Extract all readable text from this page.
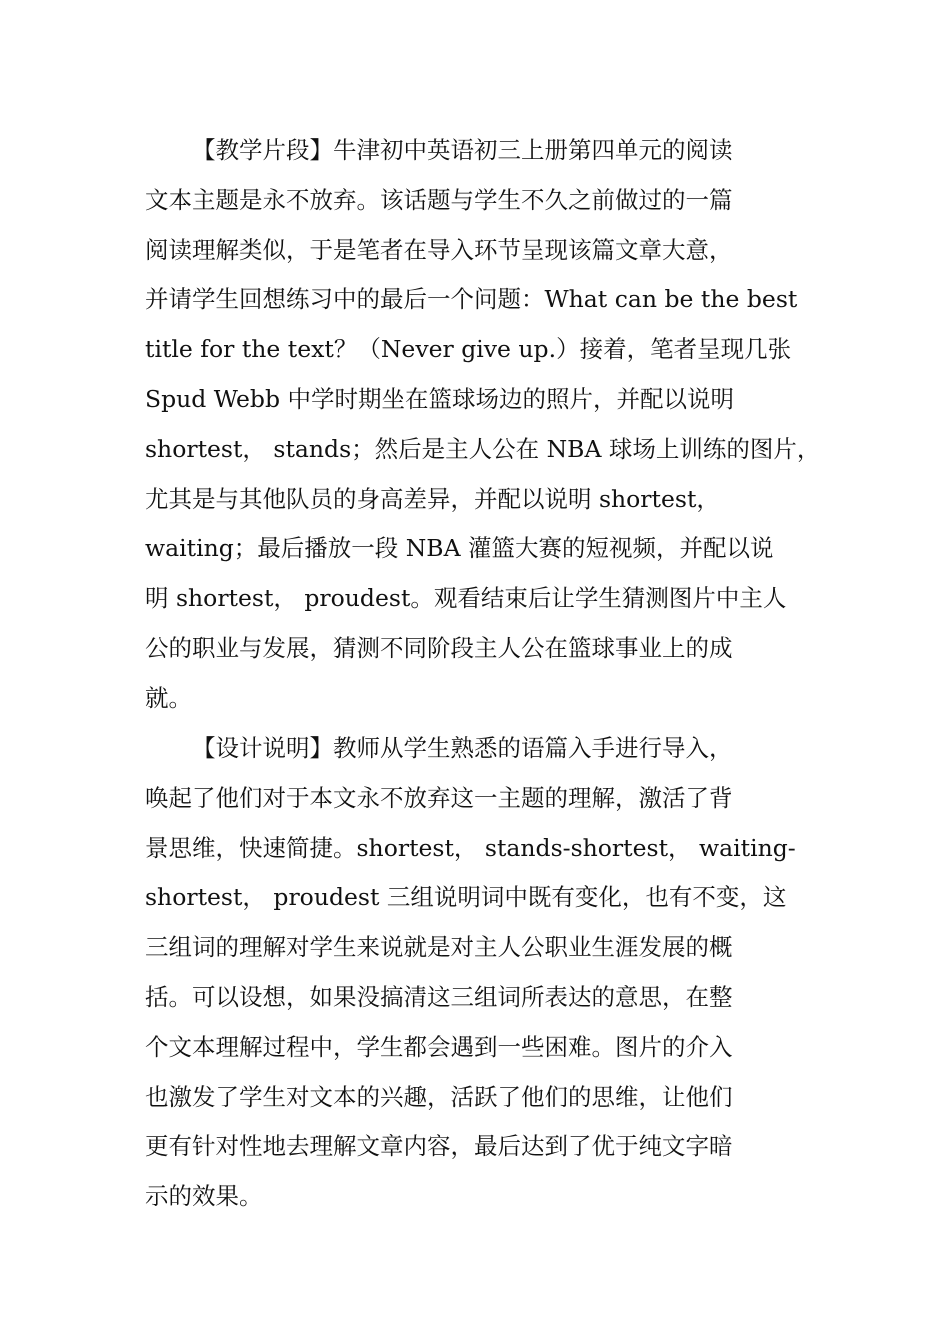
【教学片段】牛津初中英语初三上册第四单元的阅读
文本主题是永不放弃。该话题与学生不久之前做过的一篇
阅读理解类似，于是笔者在导入环节呈现该篇文章大意，
并请学生回想练习中的最后一个问题：What can be the best
title for the text？（Never give up.）接着，笔者呈现几张
Spud Webb 中学时期坐在篮球场边的照片，并配以说明
shortest， stands；然后是主人公在 NBA 球场上训练的图片，
尤其是与其他队员的身高差异，并配以说明 shortest，
waiting；最后播放一段 NBA 灌篮大赛的短视频，并配以说
明 shortest， proudest。观看结束后让学生猜测图片中主人
公的职业与发展，猜测不同阶段主人公在篮球事业上的成
就。
【设计说明】教师从学生熟悉的语篇入手进行导入，
唤起了他们对于本文永不放弃这一主题的理解，激活了背
景思维，快速简捷。shortest， stands-shortest， waiting-
shortest， proudest 三组说明词中既有变化，也有不变，这
三组词的理解对学生来说就是对主人公职业生涯发展的概
括。可以设想，如果没搞清这三组词所表达的意思，在整
个文本理解过程中，学生都会遇到一些困难。图片的介入
也激发了学生对文本的兴趣，活跃了他们的思维，让他们
更有针对性地去理解文章内容，最后达到了优于纯文字暗
示的效果。
